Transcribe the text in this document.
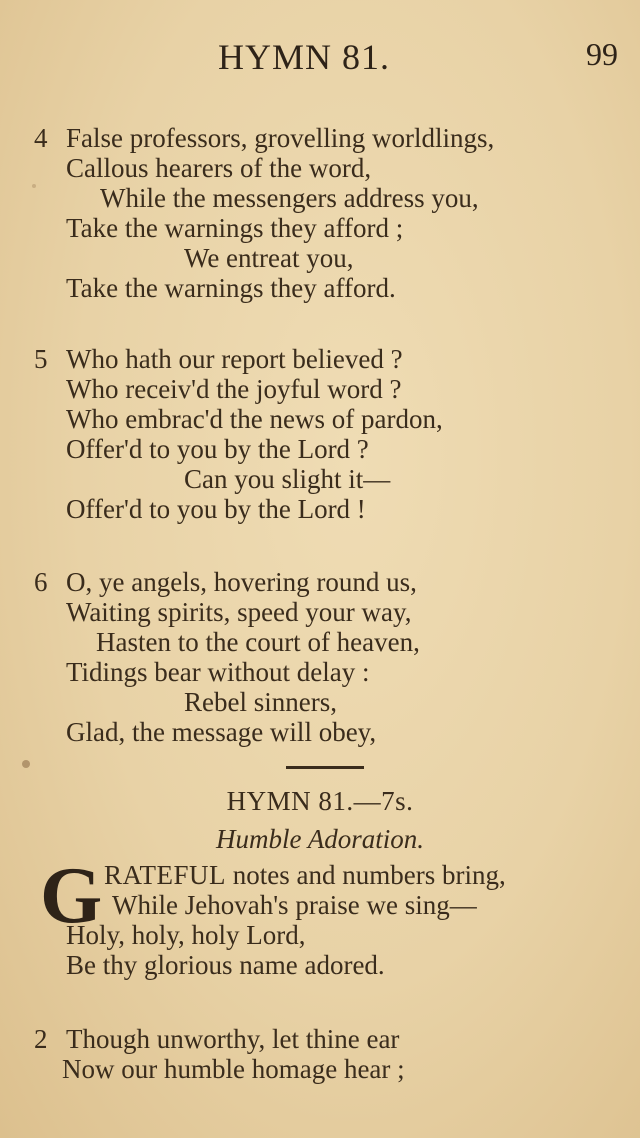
HYMN 81.	99
4 False professors, grovelling worldlings,
Callous hearers of the word,
While the messengers address you,
Take the warnings they afford ;
We entreat you,
Take the warnings they afford.
5 Who hath our report believed ?
Who receiv'd the joyful word ?
Who embrac'd the news of pardon,
Offer'd to you by the Lord ?
Can you slight it—
Offer'd to you by the Lord !
6 O, ye angels, hovering round us,
Waiting spirits, speed your way,
Hasten to the court of heaven,
Tidings bear without delay :
Rebel sinners,
Glad, the message will obey,
HYMN 81.—7s.
Humble Adoration.
G RATEFUL notes and numbers bring,
While Jehovah's praise we sing—
Holy, holy, holy Lord,
Be thy glorious name adored.
2 Though unworthy, let thine ear
Now our humble homage hear ;
